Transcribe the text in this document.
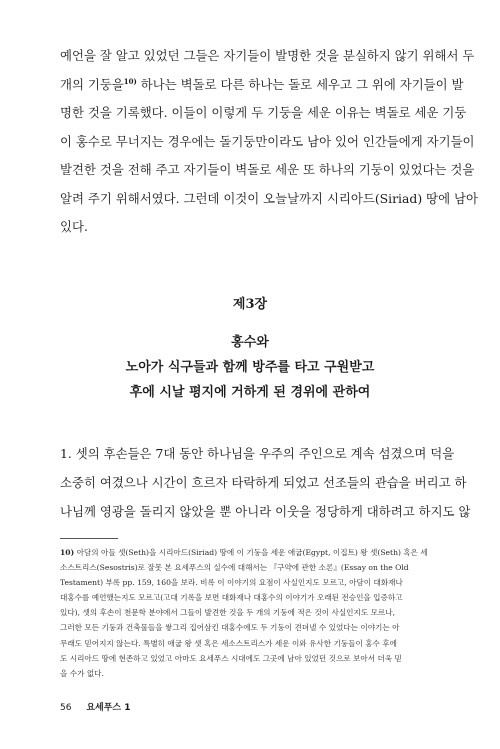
예언을 잘 알고 있었던 그들은 자기들이 발명한 것을 분실하지 않기 위해서 두
개의 기둥을$^{10)}$ 하나는 벽돌로 다른 하나는 돌로 세우고 그 위에 자기들이 발
명한 것을 기록했다. 이들이 이렇게 두 기둥을 세운 이유는 벽돌로 세운 기둥
이 홍수로 무너지는 경우에는 돌기둥만이라도 남아 있어 인간들에게 자기들이
발견한 것을 전해 주고 자기들이 벽돌로 세운 또 하나의 기둥이 있었다는 것을
알려 주기 위해서였다. 그런데 이것이 오늘날까지 시리아드(Siriad) 땅에 남아
있다.

제3장
홍수와
노아가 식구들과 함께 방주를 타고 구원받고
후에 시날 평지에 거하게 된 경위에 관하여

1. 셋의 후손들은 7대 동안 하나님을 우주의 주인으로 계속 섬겼으며 덕을
소중히 여겼으나 시간이 흐르자 타락하게 되었고 선조들의 관습을 버리고 하
나님께 영광을 돌리지 않았을 뿐 아니라 이웃을 정당하게 대하려고 하지도 않

10) 아담의 아들 셋(Seth)을 시리아드(Siriad) 땅에 이 기둥을 세운 애굽(Egypt, 이집트) 왕 셋(Seth) 혹은 세
소스트리스(Sesostris)로 잘못 본 요세푸스의 실수에 대해서는 『구약에 관한 소론』(Essay on the Old
Testament) 부록 pp. 159, 160을 보라. 비록 이 이야기의 요점이 사실인지도 모르고, 아담이 대화재나
대홍수를 예언했는지도 모르고(고대 기록을 보면 대화재나 대홍수의 이야기가 오래된 전승인을 입증하고
있다), 셋의 후손이 천문학 분야에서 그들이 발견한 것을 두 개의 기둥에 적은 것이 사실인지도 모르나,
그러한 모든 기둥과 건축물들을 쌓그리 집어삼킨 대홍수에도 두 기둥이 견뎌낼 수 있었다는 이야기는 아
무래도 믿어지지 않는다. 특별히 애굽 왕 셋 혹은 세소스트리스가 세운 이와 유사한 기둥들이 홍수 후에
도 시리아드 땅에 현존하고 있었고 아마도 요세푸스 시대에도 그곳에 남아 있었던 것으로 보아서 더욱 믿
을 수가 없다.
56 요세푸스 1
